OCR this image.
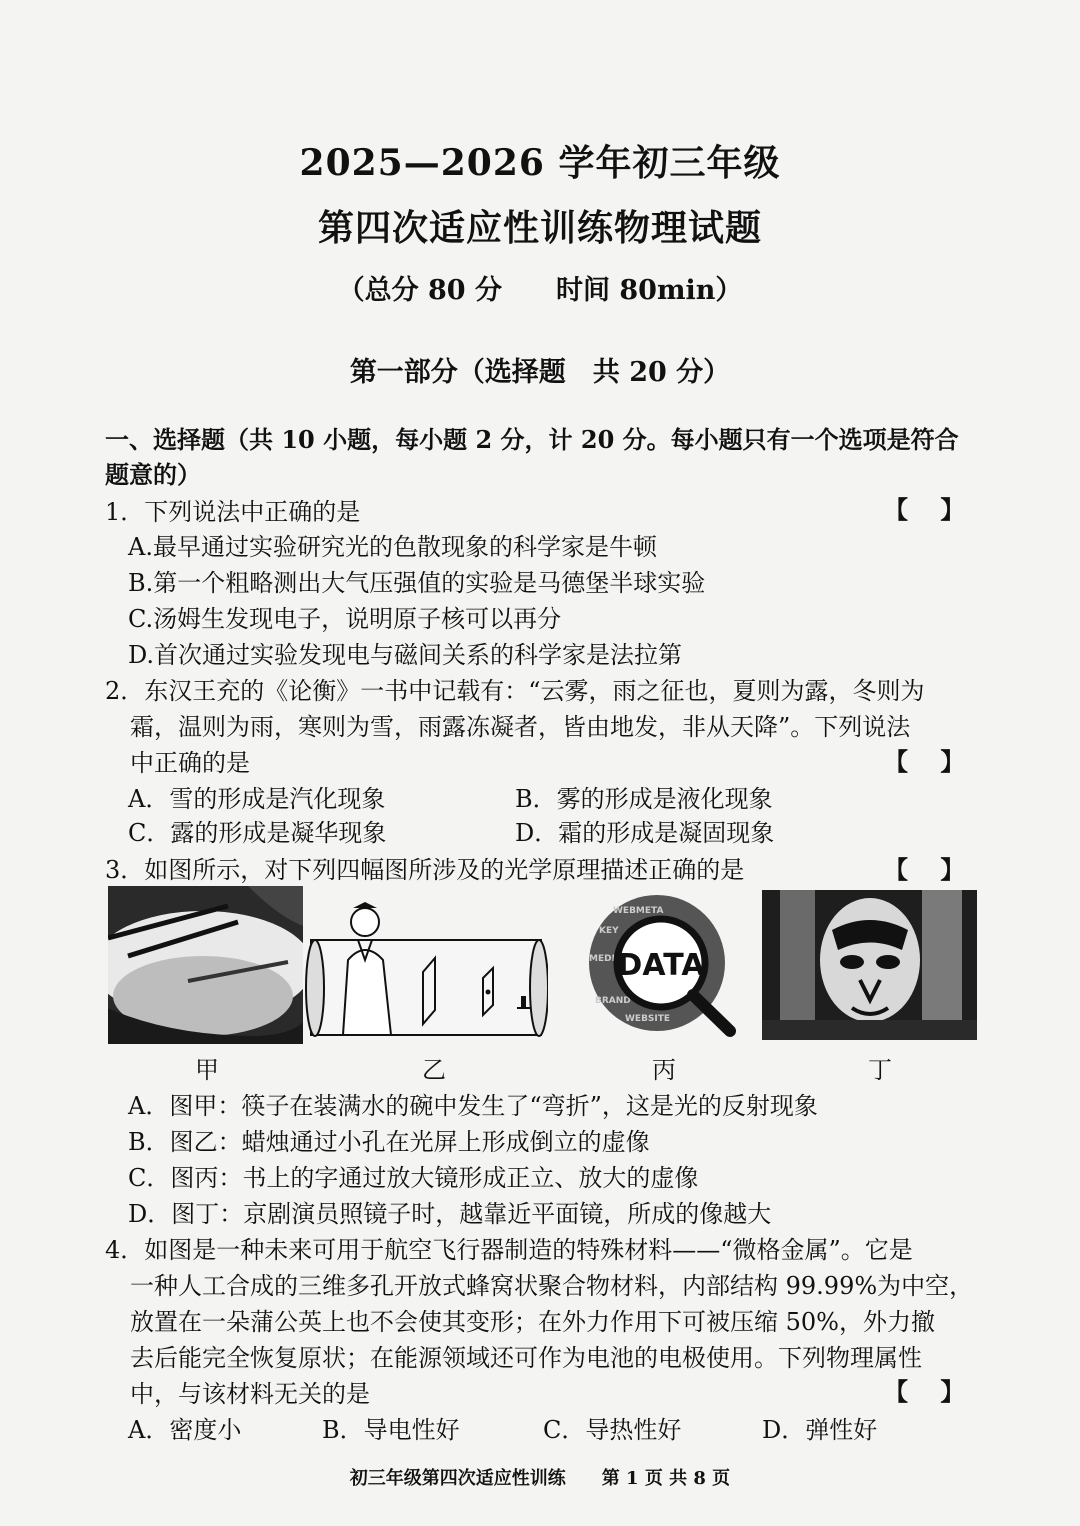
2025—2026 学年初三年级
第四次适应性训练物理试题
（总分 80 分　　时间 80min）
第一部分（选择题　共 20 分）
一、选择题（共 10 小题，每小题 2 分，计 20 分。每小题只有一个选项是符合
题意的）
1．下列说法中正确的是	【　 】
A.最早通过实验研究光的色散现象的科学家是牛顿
B.第一个粗略测出大气压强值的实验是马德堡半球实验
C.汤姆生发现电子，说明原子核可以再分
D.首次通过实验发现电与磁间关系的科学家是法拉第
2．东汉王充的《论衡》一书中记载有：“云雾，雨之征也，夏则为露，冬则为
霜，温则为雨，寒则为雪，雨露冻凝者，皆由地发，非从天降”。下列说法
中正确的是	【　 】
A．雪的形成是汽化现象	B．雾的形成是液化现象
C．露的形成是凝华现象	D．霜的形成是凝固现象
3．如图所示，对下列四幅图所涉及的光学原理描述正确的是	【　 】
甲	乙
WEBMETA
KEY
MEDI
BRAND
WEBSITE
DATA
丙	丁
A．图甲：筷子在装满水的碗中发生了“弯折”，这是光的反射现象
B．图乙：蜡烛通过小孔在光屏上形成倒立的虚像
C．图丙：书上的字通过放大镜形成正立、放大的虚像
D．图丁：京剧演员照镜子时，越靠近平面镜，所成的像越大
4．如图是一种未来可用于航空飞行器制造的特殊材料——“微格金属”。它是
一种人工合成的三维多孔开放式蜂窝状聚合物材料，内部结构 99.99%为中空，
放置在一朵蒲公英上也不会使其变形；在外力作用下可被压缩 50%，外力撤
去后能完全恢复原状；在能源领域还可作为电池的电极使用。下列物理属性
中，与该材料无关的是	【　 】
A．密度小	B．导电性好	C．导热性好	D．弹性好
初三年级第四次适应性训练　　第 1 页 共 8 页
